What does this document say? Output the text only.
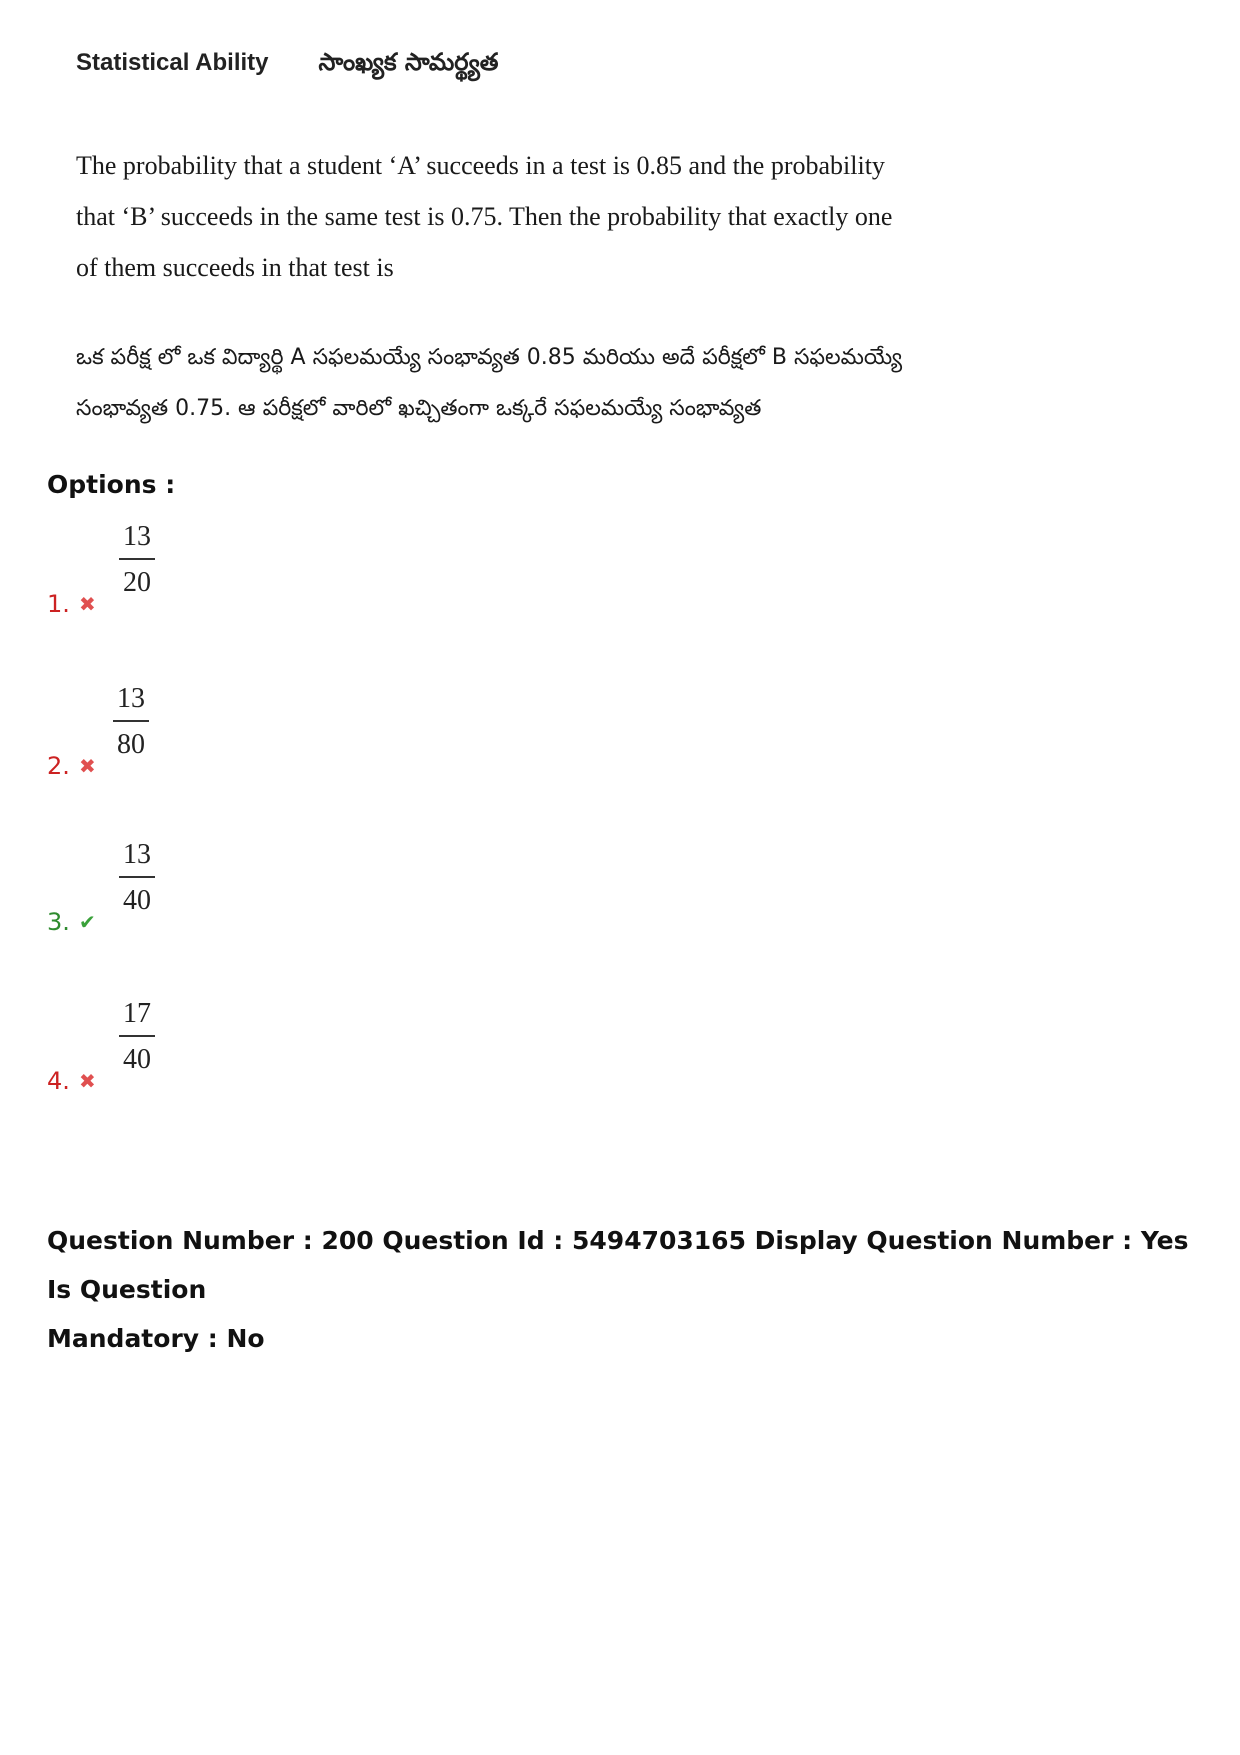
Statistical Ability సాంఖ్యక సామర్థ్యత
The probability that a student ‘A’ succeeds in a test is 0.85 and the probability that ‘B’ succeeds in the same test is 0.75. Then the probability that exactly one of them succeeds in that test is
ఒక పరీక్ష లో ఒక విద్యార్థి A సఫలమయ్యే సంభావ్యత 0.85 మరియు అదే పరీక్షలో B సఫలమయ్యే సంభావ్యత 0.75. ఆ పరీక్షలో వారిలో ఖచ్చితంగా ఒక్కరే సఫలమయ్యే సంభావ్యత
Options :
1. ✖
$\frac{13}{20}$
2. ✖
$\frac{13}{80}$
3. ✔
$\frac{13}{40}$
4. ✖
$\frac{17}{40}$
Question Number : 200 Question Id : 5494703165 Display Question Number : Yes Is Question
Mandatory : No
